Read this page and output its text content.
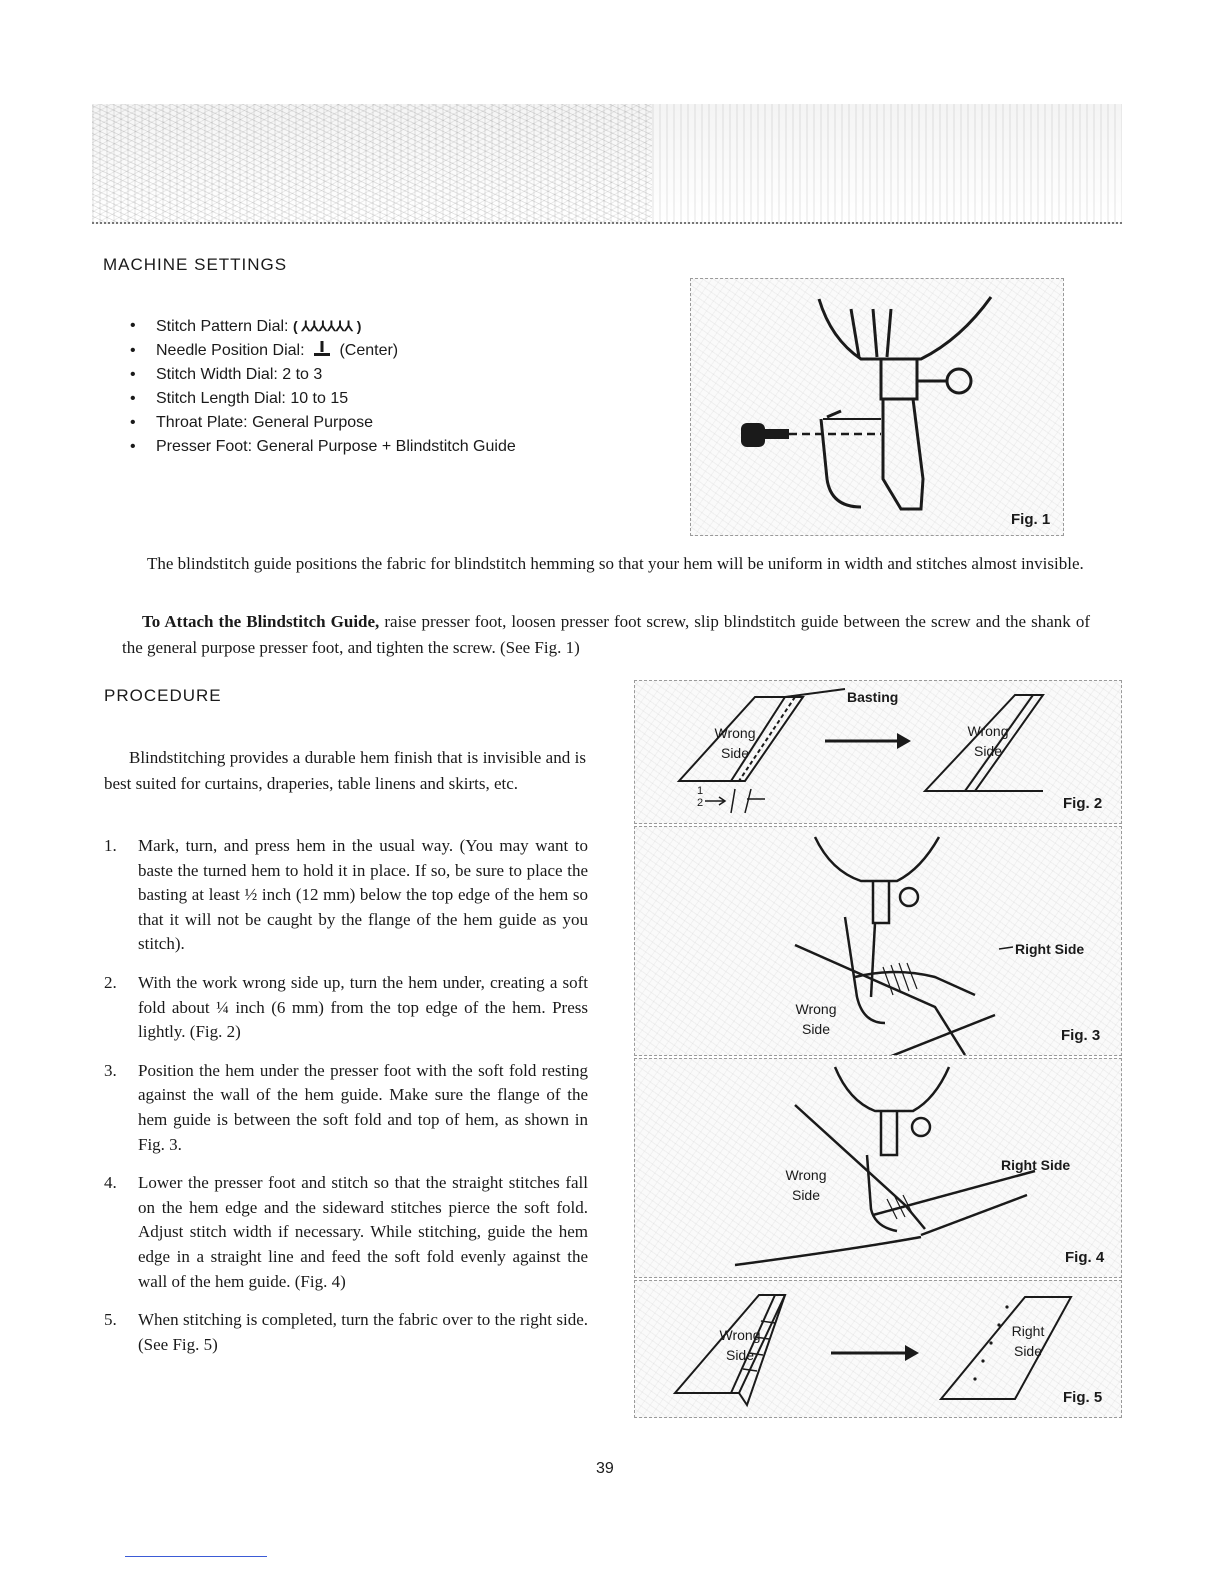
MACHINE SETTINGS
• Stitch Pattern Dial: ( ⅄⅄⅄⅄⅄⅄ )
• Needle Position Dial: (Center)
• Stitch Width Dial: 2 to 3
• Stitch Length Dial: 10 to 15
• Throat Plate: General Purpose
• Presser Foot: General Purpose + Blindstitch Guide
Fig. 1
The blindstitch guide positions the fabric for blindstitch hemming so that your hem will be uniform in width and stitches almost invisible.
To Attach the Blindstitch Guide, raise presser foot, loosen presser foot screw, slip blindstitch guide between the screw and the shank of the general purpose presser foot, and tighten the screw. (See Fig. 1)
PROCEDURE
Blindstitching provides a durable hem finish that is invisible and is best suited for curtains, draperies, table linens and skirts, etc.
1. Mark, turn, and press hem in the usual way. (You may want to baste the turned hem to hold it in place. If so, be sure to place the basting at least ½ inch (12 mm) below the top edge of the hem so that it will not be caught by the flange of the hem guide as you stitch).
2. With the work wrong side up, turn the hem under, creating a soft fold about ¼ inch (6 mm) from the top edge of the hem. Press lightly. (Fig. 2)
3. Position the hem under the presser foot with the soft fold resting against the wall of the hem guide. Make sure the flange of the hem guide is between the soft fold and top of hem, as shown in Fig. 3.
4. Lower the presser foot and stitch so that the straight stitches fall on the hem edge and the sideward stitches pierce the soft fold. Adjust stitch width if necessary. While stitching, guide the hem edge in a straight line and feed the soft fold evenly against the wall of the hem guide. (Fig. 4)
5. When stitching is completed, turn the fabric over to the right side. (See Fig. 5)
Basting
Wrong
Side
Wrong
Side
1
2	Fig. 2
Right Side
Wrong
Side	Fig. 3
Right Side
Wrong
Side
Fig. 4
Wrong
Side
Right
Side
Fig. 5
39
